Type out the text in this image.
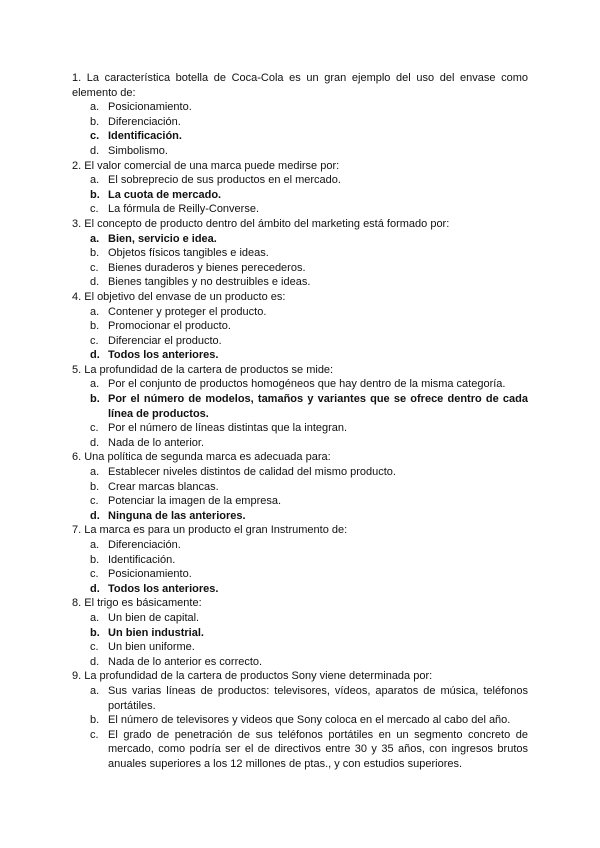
1. La característica botella de Coca-Cola es un gran ejemplo del uso del envase como elemento de:
a. Posicionamiento.
b. Diferenciación.
c. Identificación.
d. Simbolismo.
2. El valor comercial de una marca puede medirse por:
a. El sobreprecio de sus productos en el mercado.
b. La cuota de mercado.
c. La fórmula de Reilly-Converse.
3. El concepto de producto dentro del ámbito del marketing está formado por:
a. Bien, servicio e idea.
b. Objetos físicos tangibles e ideas.
c. Bienes duraderos y bienes perecederos.
d. Bienes tangibles y no destruibles e ideas.
4. El objetivo del envase de un producto es:
a. Contener y proteger el producto.
b. Promocionar el producto.
c. Diferenciar el producto.
d. Todos los anteriores.
5. La profundidad de la cartera de productos se mide:
a. Por el conjunto de productos homogéneos que hay dentro de la misma categoría.
b. Por el número de modelos, tamaños y variantes que se ofrece dentro de cada línea de productos.
c. Por el número de líneas distintas que la integran.
d. Nada de lo anterior.
6. Una política de segunda marca es adecuada para:
a. Establecer niveles distintos de calidad del mismo producto.
b. Crear marcas blancas.
c. Potenciar la imagen de la empresa.
d. Ninguna de las anteriores.
7. La marca es para un producto el gran Instrumento de:
a. Diferenciación.
b. Identificación.
c. Posicionamiento.
d. Todos los anteriores.
8. El trigo es básicamente:
a. Un bien de capital.
b. Un bien industrial.
c. Un bien uniforme.
d. Nada de lo anterior es correcto.
9. La profundidad de la cartera de productos Sony viene determinada por:
a. Sus varias líneas de productos: televisores, vídeos, aparatos de música, teléfonos portátiles.
b. El número de televisores y videos que Sony coloca en el mercado al cabo del año.
c. El grado de penetración de sus teléfonos portátiles en un segmento concreto de mercado, como podría ser el de directivos entre 30 y 35 años, con ingresos brutos anuales superiores a los 12 millones de ptas., y con estudios superiores.
